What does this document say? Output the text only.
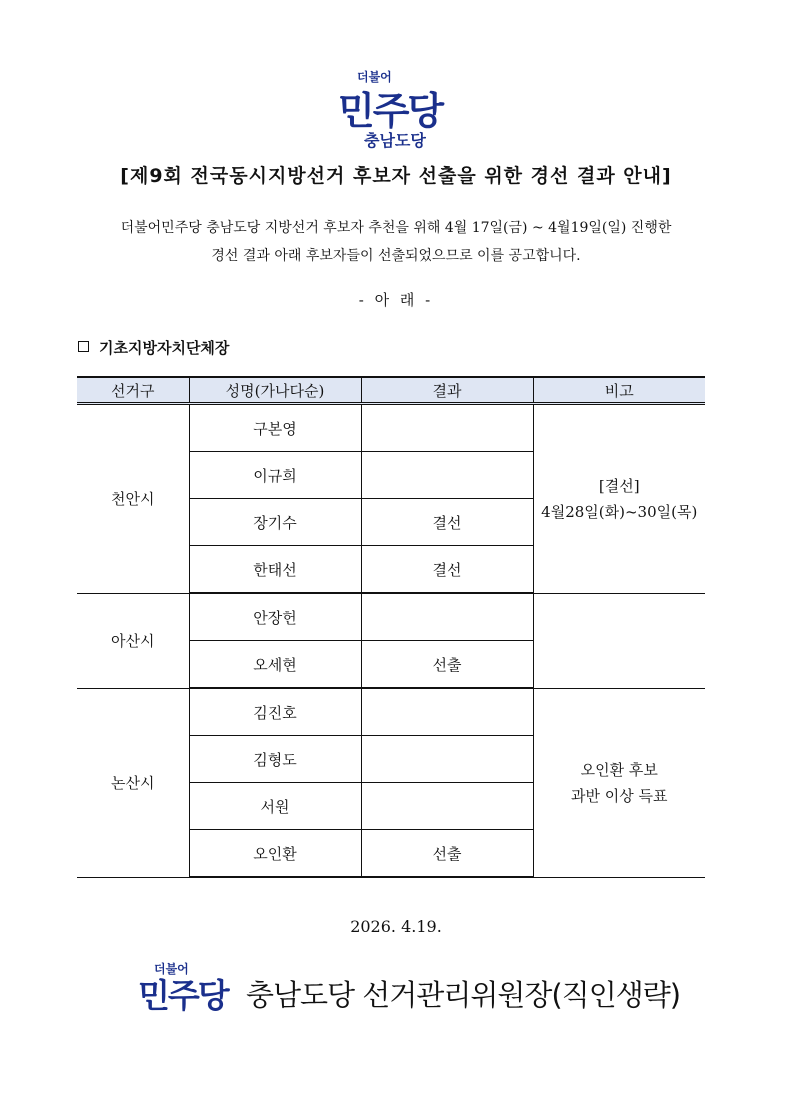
더불어
민주당
충남도당
[제9회 전국동시지방선거 후보자 선출을 위한 경선 결과 안내]
더불어민주당 충남도당 지방선거 후보자 추천을 위해 4월 17일(금) ~ 4월19일(일) 진행한
경선 결과 아래 후보자들이 선출되었으므로 이를 공고합니다.
- 아 래 -
기초지방자치단체장
선거구	성명(가나다순)	결과	비고
천안시	구본영		[결선]
4월28일(화)~30일(목)
	이규희		
	장기수	결선	
	한태선	결선	
아산시	안장헌		
	오세현	선출	
논산시	김진호		오인환 후보
과반 이상 득표
	김형도		
	서원		
	오인환	선출	
2026. 4.19.
더불어
민주당 충남도당 선거관리위원장(직인생략)
